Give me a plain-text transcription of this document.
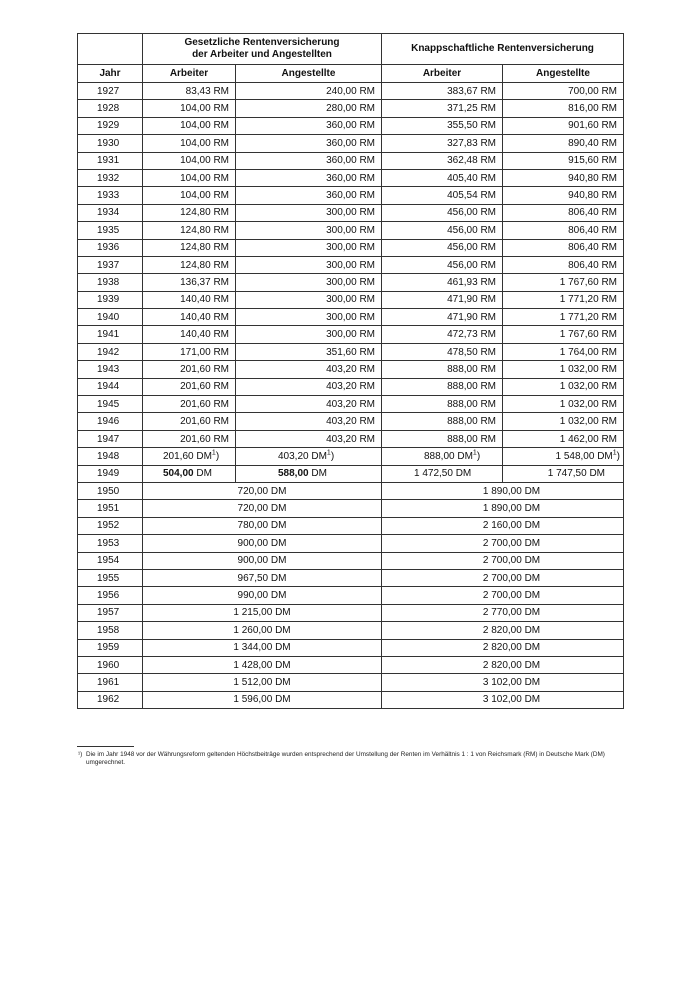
	Gesetzliche Rentenversicherung
der Arbeiter und Angestellten		Knappschaftliche Rentenversicherung	
Jahr	Arbeiter	Angestellte	Arbeiter	Angestellte
1927	83,43 RM	240,00 RM	383,67 RM	700,00 RM
1928	104,00 RM	280,00 RM	371,25 RM	816,00 RM
1929	104,00 RM	360,00 RM	355,50 RM	901,60 RM
1930	104,00 RM	360,00 RM	327,83 RM	890,40 RM
1931	104,00 RM	360,00 RM	362,48 RM	915,60 RM
1932	104,00 RM	360,00 RM	405,40 RM	940,80 RM
1933	104,00 RM	360,00 RM	405,54 RM	940,80 RM
1934	124,80 RM	300,00 RM	456,00 RM	806,40 RM
1935	124,80 RM	300,00 RM	456,00 RM	806,40 RM
1936	124,80 RM	300,00 RM	456,00 RM	806,40 RM
1937	124,80 RM	300,00 RM	456,00 RM	806,40 RM
1938	136,37 RM	300,00 RM	461,93 RM	1 767,60 RM
1939	140,40 RM	300,00 RM	471,90 RM	1 771,20 RM
1940	140,40 RM	300,00 RM	471,90 RM	1 771,20 RM
1941	140,40 RM	300,00 RM	472,73 RM	1 767,60 RM
1942	171,00 RM	351,60 RM	478,50 RM	1 764,00 RM
1943	201,60 RM	403,20 RM	888,00 RM	1 032,00 RM
1944	201,60 RM	403,20 RM	888,00 RM	1 032,00 RM
1945	201,60 RM	403,20 RM	888,00 RM	1 032,00 RM
1946	201,60 RM	403,20 RM	888,00 RM	1 032,00 RM
1947	201,60 RM	403,20 RM	888,00 RM	1 462,00 RM
1948	201,60 $DM^1$)	403,20 $DM^1$)	888,00 $DM^1$)	1 548,00 $DM^1$)
1949	504,00 DM	588,00 DM	1 472,50 DM	1 747,50 DM
1950	720,00 DM		1 890,00 DM	
1951	720,00 DM		1 890,00 DM	
1952	780,00 DM		2 160,00 DM	
1953	900,00 DM		2 700,00 DM	
1954	900,00 DM		2 700,00 DM	
1955	967,50 DM		2 700,00 DM	
1956	990,00 DM		2 700,00 DM	
1957	1 215,00 DM		2 770,00 DM	
1958	1 260,00 DM		2 820,00 DM	
1959	1 344,00 DM		2 820,00 DM	
1960	1 428,00 DM		2 820,00 DM	
1961	1 512,00 DM		3 102,00 DM	
1962	1 596,00 DM		3 102,00 DM	
¹) Die im Jahr 1948 vor der Währungsreform geltenden Höchstbeiträge wurden entsprechend der Umstellung der Renten im Verhältnis 1 : 1 von Reichsmark (RM) in Deutsche Mark (DM) umgerechnet.
